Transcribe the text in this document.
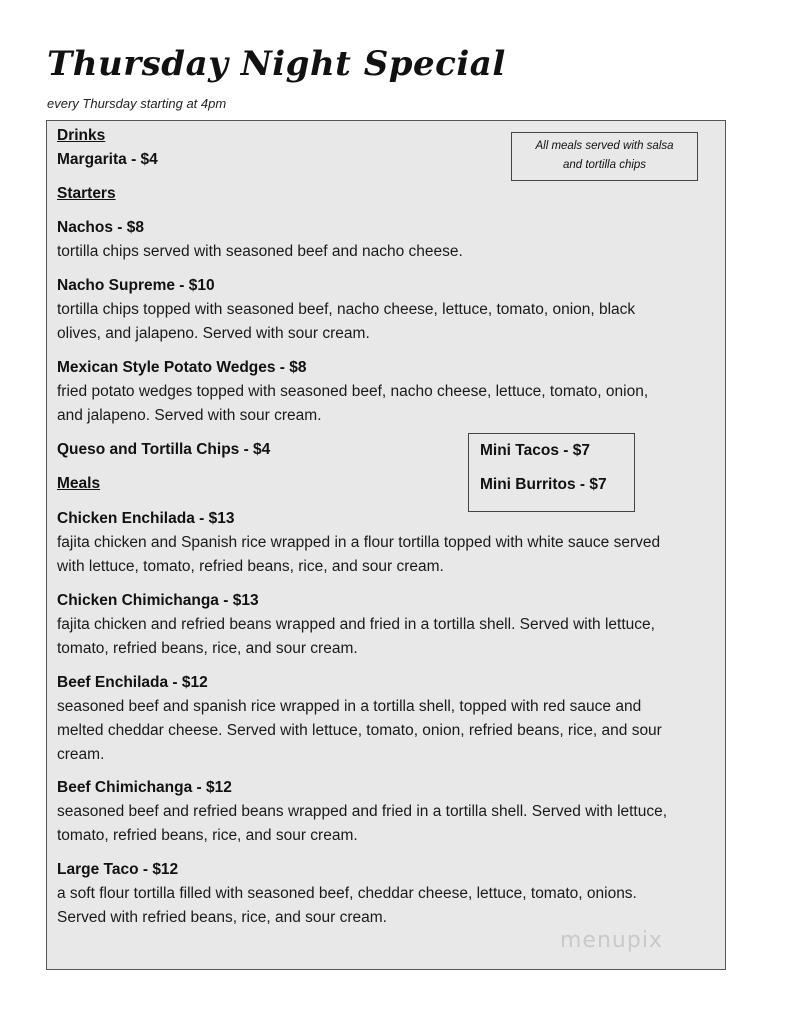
Thursday Night Special

every Thursday starting at 4pm

All meals served with salsa
and tortilla chips

Drinks

Margarita - $4

Starters

Nachos - $8

tortilla chips served with seasoned beef and nacho cheese.

Nacho Supreme - $10

tortilla chips topped with seasoned beef, nacho cheese, lettuce, tomato, onion, black

olives, and jalapeno. Served with sour cream.

Mexican Style Potato Wedges - $8

fried potato wedges topped with seasoned beef, nacho cheese, lettuce, tomato, onion,

and jalapeno. Served with sour cream.

Queso and Tortilla Chips - $4	Mini Tacos - $7

Mini Burritos - $7

Meals

Chicken Enchilada - $13

fajita chicken and Spanish rice wrapped in a flour tortilla topped with white sauce served

with lettuce, tomato, refried beans, rice, and sour cream.

Chicken Chimichanga - $13

fajita chicken and refried beans wrapped and fried in a tortilla shell. Served with lettuce,

tomato, refried beans, rice, and sour cream.

Beef Enchilada - $12

seasoned beef and spanish rice wrapped in a tortilla shell, topped with red sauce and

melted cheddar cheese. Served with lettuce, tomato, onion, refried beans, rice, and sour

cream.

Beef Chimichanga - $12

seasoned beef and refried beans wrapped and fried in a tortilla shell. Served with lettuce,

tomato, refried beans, rice, and sour cream.

Large Taco - $12

a soft flour tortilla filled with seasoned beef, cheddar cheese, lettuce, tomato, onions.

Served with refried beans, rice, and sour cream.

menupix
